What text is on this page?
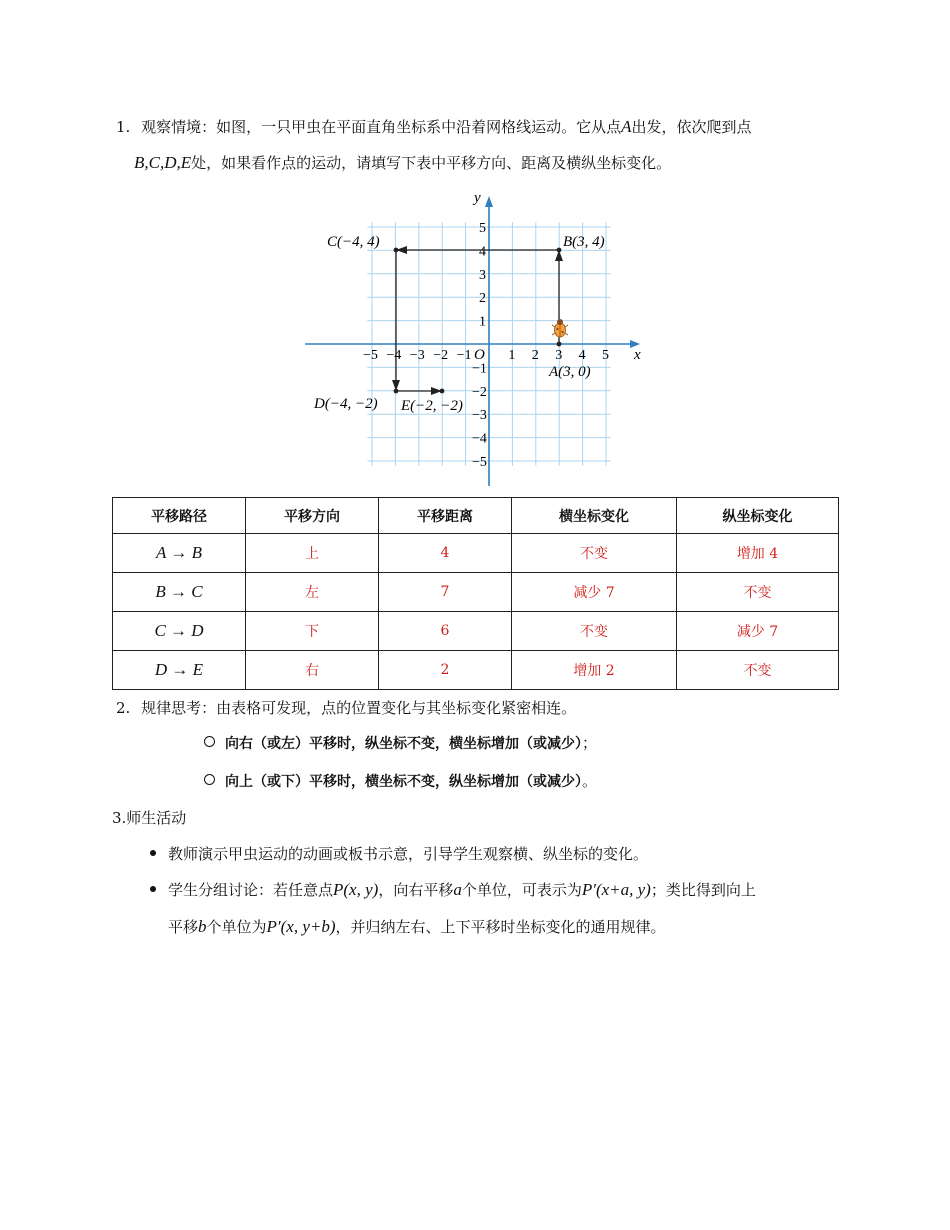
1. 观察情境：如图，一只甲虫在平面直角坐标系中沿着网格线运动。它从点A出发，依次爬到点
B,C,D,E处，如果看作点的运动，请填写下表中平移方向、距离及横纵坐标变化。
x
y
O
−5 −4 −3 −2 −1	1 2 3 4 5
5
4
3
2
1
−1
−2
−3
−4
−5
C(−4, 4)	B(3, 4)
A(3, 0)
D(−4, −2) E(−2, −2)
平移路径	平移方向	平移距离	横坐标变化	纵坐标变化
A → B	上	4	不变	增加 4
B → C	左	7	减少 7	不变
C → D	下	6	不变	减少 7
D → E	右	2	增加 2	不变
2. 规律思考：由表格可发现，点的位置变化与其坐标变化紧密相连。
向右（或左）平移时，纵坐标不变，横坐标增加（或减少）；
向上（或下）平移时，横坐标不变，纵坐标增加（或减少）。
3.师生活动
教师演示甲虫运动的动画或板书示意，引导学生观察横、纵坐标的变化。
学生分组讨论：若任意点P(x, y)，向右平移a个单位，可表示为P′(x+a, y)；类比得到向上
平移b个单位为P′(x, y+b)，并归纳左右、上下平移时坐标变化的通用规律。
